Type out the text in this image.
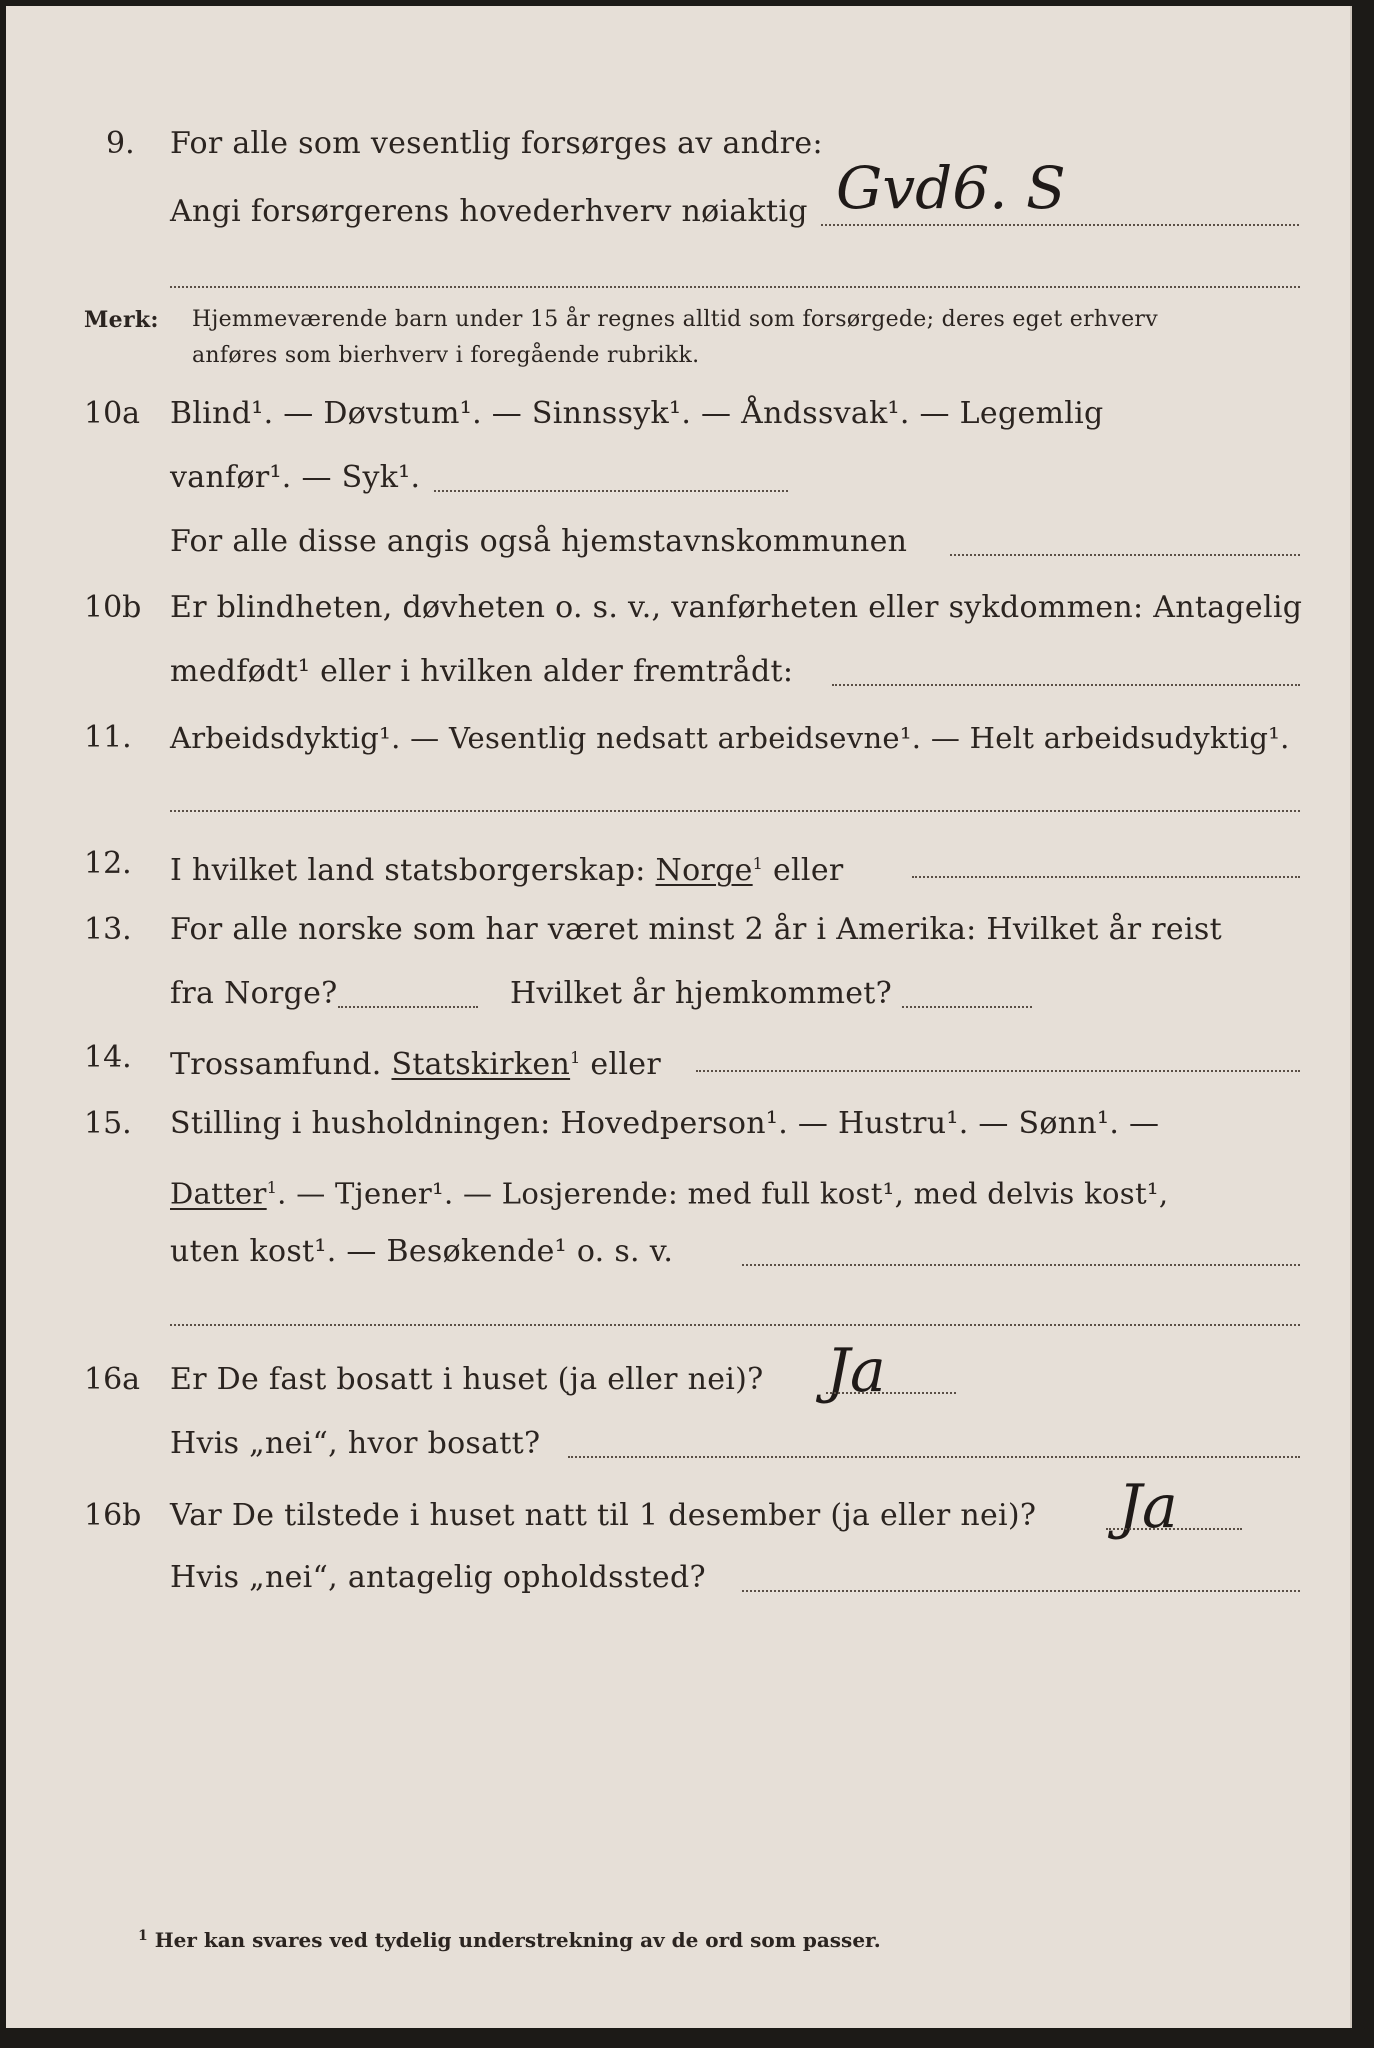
9. For alle som vesentlig forsørges av andre:
Angi forsørgerens hovederhverv nøiaktig Gvd6. S
Merk: Hjemmeværende barn under 15 år regnes alltid som forsørgede; deres eget erhverv
anføres som bierhverv i foregående rubrikk.
10a Blind¹. — Døvstum¹. — Sinnssyk¹. — Åndssvak¹. — Legemlig
vanfør¹. — Syk¹.
For alle disse angis også hjemstavnskommunen
10b Er blindheten, døvheten o. s. v., vanførheten eller sykdommen: Antagelig
medfødt¹ eller i hvilken alder fremtrådt:
11. Arbeidsdyktig¹. — Vesentlig nedsatt arbeidsevne¹. — Helt arbeidsudyktig¹.
12. I hvilket land statsborgerskap: Norge$^1$ eller
13. For alle norske som har været minst 2 år i Amerika: Hvilket år reist
fra Norge?	Hvilket år hjemkommet?
14. Trossamfund. Statskirken$^1$ eller
15. Stilling i husholdningen: Hovedperson¹. — Hustru¹. — Sønn¹. —
Datter$^1$. — Tjener¹. — Losjerende: med full kost¹, med delvis kost¹,
uten kost¹. — Besøkende¹ o. s. v.
16a Er De fast bosatt i huset (ja eller nei)? Ja
Hvis „nei“, hvor bosatt?
16b Var De tilstede i huset natt til 1 desember (ja eller nei)? Ja
Hvis „nei“, antagelig opholdssted?
$^1$ Her kan svares ved tydelig understrekning av de ord som passer.
